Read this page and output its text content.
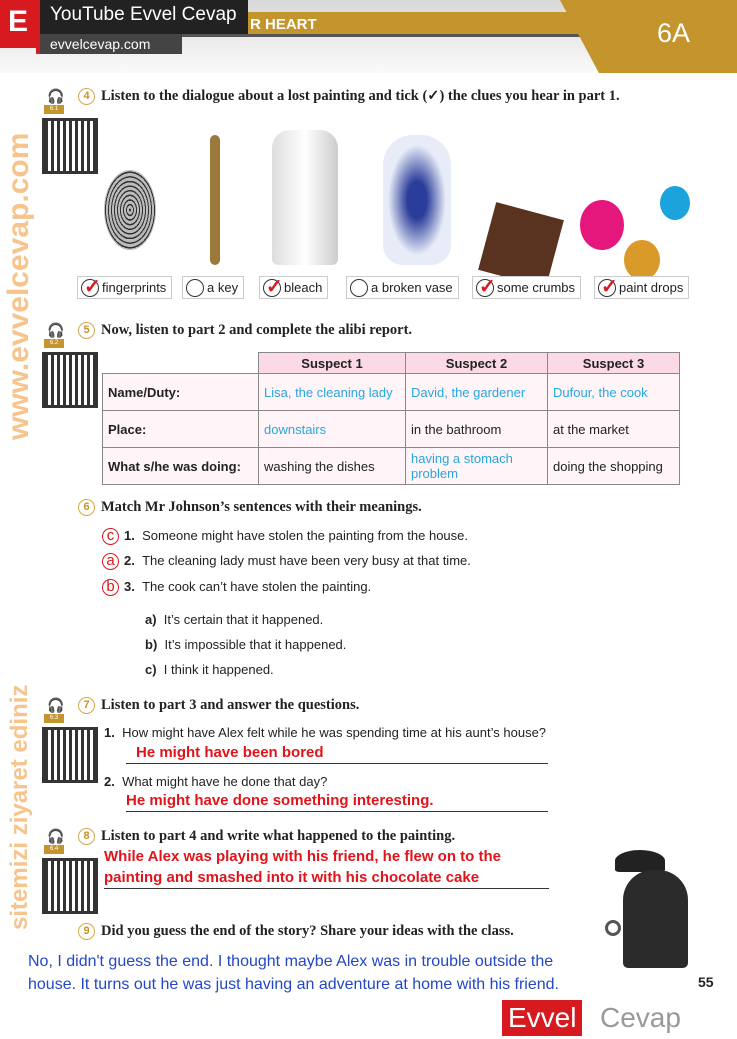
R HEART	6A
E	YouTube Evvel Cevap
evvelcevap.com
🎧
6.1
4 Listen to the dialogue about a lost painting and tick (✓) the clues you hear in part 1.
✓
fingerprints	a key ✓	bleach	a broken vase ✓	some crumbs ✓	paint drops
🎧
6.2
5 Now, listen to part 2 and complete the alibi report.
	Suspect 1	Suspect 2	Suspect 3
Name/Duty:	Lisa, the cleaning lady	David, the gardener	Dufour, the cook
Place:	downstairs	in the bathroom	at the market
What s/he was doing:	washing the dishes	having a stomach problem	doing the shopping
6 Match Mr Johnson’s sentences with their meanings.
c 1. Someone might have stolen the painting from the house.
a 2. The cleaning lady must have been very busy at that time.
b 3. The cook can’t have stolen the painting.
a) It’s certain that it happened.
b) It’s impossible that it happened.
c) I think it happened.
🎧
6.3
7 Listen to part 3 and answer the questions.
1. How might have Alex felt while he was spending time at his aunt’s house?
He might have been bored
2. What might have he done that day?
He might have done something interesting.
🎧
6.4
8 Listen to part 4 and write what happened to the painting.
While Alex was playing with his friend, he flew on to the
painting and smashed into it with his chocolate cake
9 Did you guess the end of the story? Share your ideas with the class.
No, I didn't guess the end. I thought maybe Alex was in trouble outside the
house. It turns out he was just having an adventure at home with his friend.
Evvel Cevap
55
www.evvelcevap.com
sitemizi ziyaret ediniz
